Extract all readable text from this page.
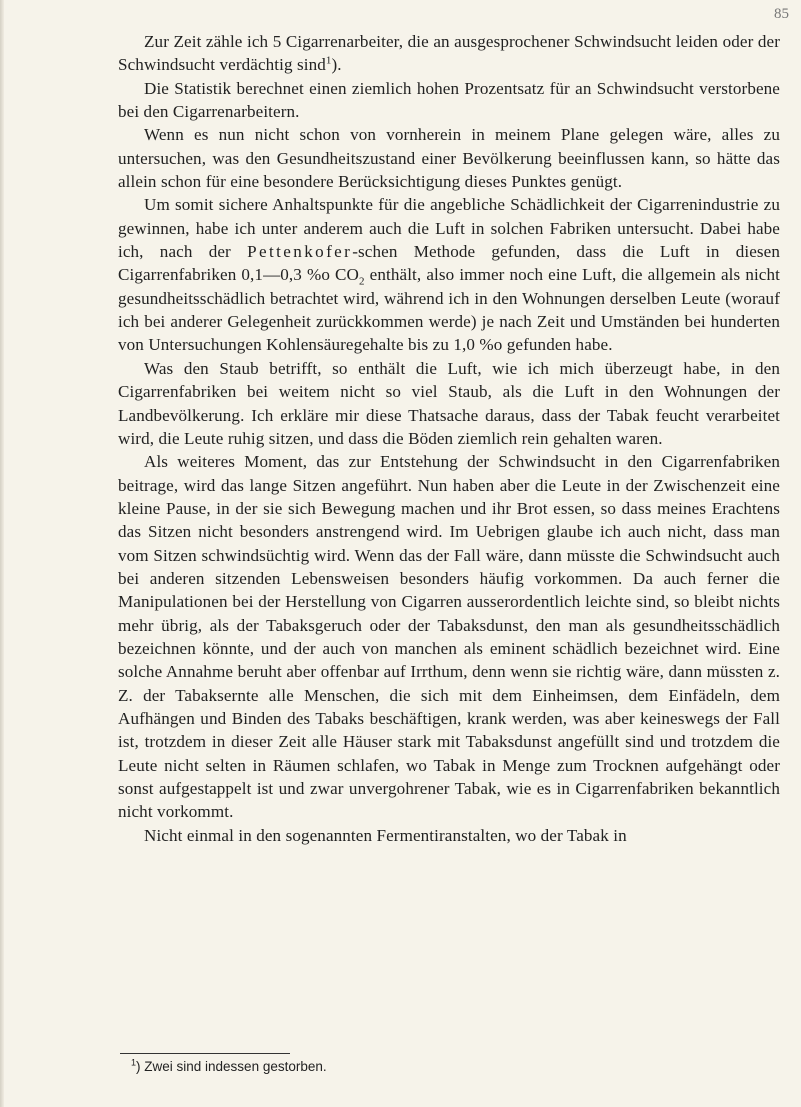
85

Zur Zeit zähle ich 5 Cigarrenarbeiter, die an ausgesprochener Schwindsucht leiden oder der Schwindsucht verdächtig sind$^1$).

Die Statistik berechnet einen ziemlich hohen Prozentsatz für an Schwindsucht verstorbene bei den Cigarrenarbeitern.

Wenn es nun nicht schon von vornherein in meinem Plane gelegen wäre, alles zu untersuchen, was den Gesundheitszustand einer Bevölkerung beeinflussen kann, so hätte das allein schon für eine besondere Berücksichtigung dieses Punktes genügt.

Um somit sichere Anhaltspunkte für die angebliche Schädlichkeit der Cigarrenindustrie zu gewinnen, habe ich unter anderem auch die Luft in solchen Fabriken untersucht. Dabei habe ich, nach der Pettenkofer-schen Methode gefunden, dass die Luft in diesen Cigarrenfabriken 0,1—0,3 %o $CO_2$ enthält, also immer noch eine Luft, die allgemein als nicht gesundheitsschädlich betrachtet wird, während ich in den Wohnungen derselben Leute (worauf ich bei anderer Gelegenheit zurückkommen werde) je nach Zeit und Umständen bei hunderten von Untersuchungen Kohlensäuregehalte bis zu 1,0 %o gefunden habe.

Was den Staub betrifft, so enthält die Luft, wie ich mich überzeugt habe, in den Cigarrenfabriken bei weitem nicht so viel Staub, als die Luft in den Wohnungen der Landbevölkerung. Ich erkläre mir diese Thatsache daraus, dass der Tabak feucht verarbeitet wird, die Leute ruhig sitzen, und dass die Böden ziemlich rein gehalten waren.

Als weiteres Moment, das zur Entstehung der Schwindsucht in den Cigarrenfabriken beitrage, wird das lange Sitzen angeführt. Nun haben aber die Leute in der Zwischenzeit eine kleine Pause, in der sie sich Bewegung machen und ihr Brot essen, so dass meines Erachtens das Sitzen nicht besonders anstrengend wird. Im Uebrigen glaube ich auch nicht, dass man vom Sitzen schwindsüchtig wird. Wenn das der Fall wäre, dann müsste die Schwindsucht auch bei anderen sitzenden Lebensweisen besonders häufig vorkommen. Da auch ferner die Manipulationen bei der Herstellung von Cigarren ausserordentlich leichte sind, so bleibt nichts mehr übrig, als der Tabaksgeruch oder der Tabaksdunst, den man als gesundheitsschädlich bezeichnen könnte, und der auch von manchen als eminent schädlich bezeichnet wird. Eine solche Annahme beruht aber offenbar auf Irrthum, denn wenn sie richtig wäre, dann müssten z. Z. der Tabaksernte alle Menschen, die sich mit dem Einheimsen, dem Einfädeln, dem Aufhängen und Binden des Tabaks beschäftigen, krank werden, was aber keineswegs der Fall ist, trotzdem in dieser Zeit alle Häuser stark mit Tabaksdunst angefüllt sind und trotzdem die Leute nicht selten in Räumen schlafen, wo Tabak in Menge zum Trocknen aufgehängt oder sonst aufgestappelt ist und zwar unvergohrener Tabak, wie es in Cigarrenfabriken bekanntlich nicht vorkommt.

Nicht einmal in den sogenannten Fermentiranstalten, wo der Tabak in

$^1$) Zwei sind indessen gestorben.
